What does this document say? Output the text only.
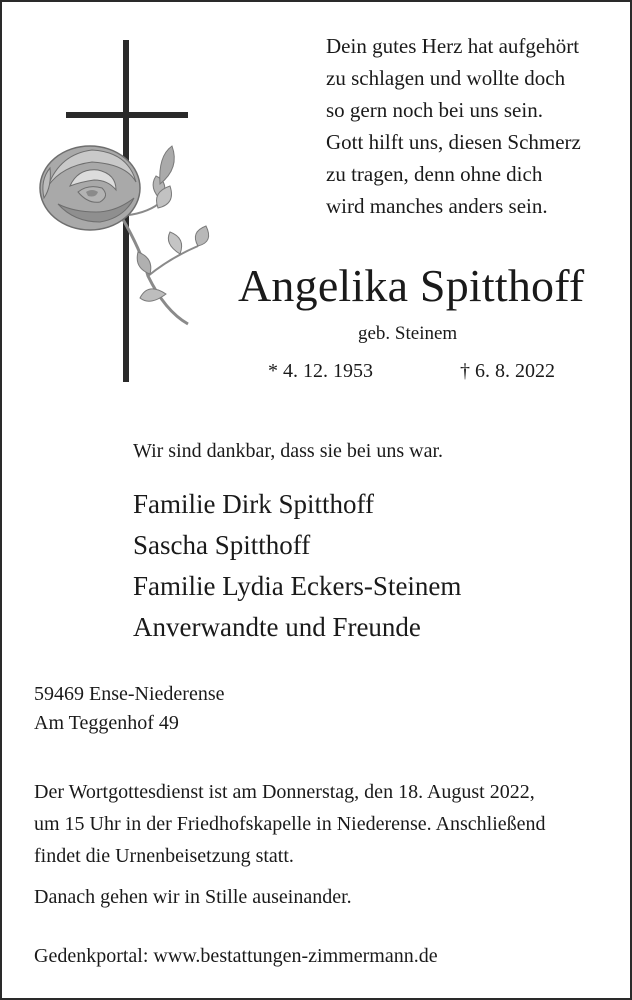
Dein gutes Herz hat aufgehört
zu schlagen und wollte doch
so gern noch bei uns sein.
Gott hilft uns, diesen Schmerz
zu tragen, denn ohne dich
wird manches anders sein.
Angelika Spitthoff
geb. Steinem
* 4. 12. 1953	† 6. 8. 2022
Wir sind dankbar, dass sie bei uns war.
Familie Dirk Spitthoff
Sascha Spitthoff
Familie Lydia Eckers-Steinem
Anverwandte und Freunde
59469 Ense-Niederense
Am Teggenhof 49
Der Wortgottesdienst ist am Donnerstag, den 18. August 2022,
um 15 Uhr in der Friedhofskapelle in Niederense. Anschließend
findet die Urnenbeisetzung statt.
Danach gehen wir in Stille auseinander.
Gedenkportal: www.bestattungen-zimmermann.de
